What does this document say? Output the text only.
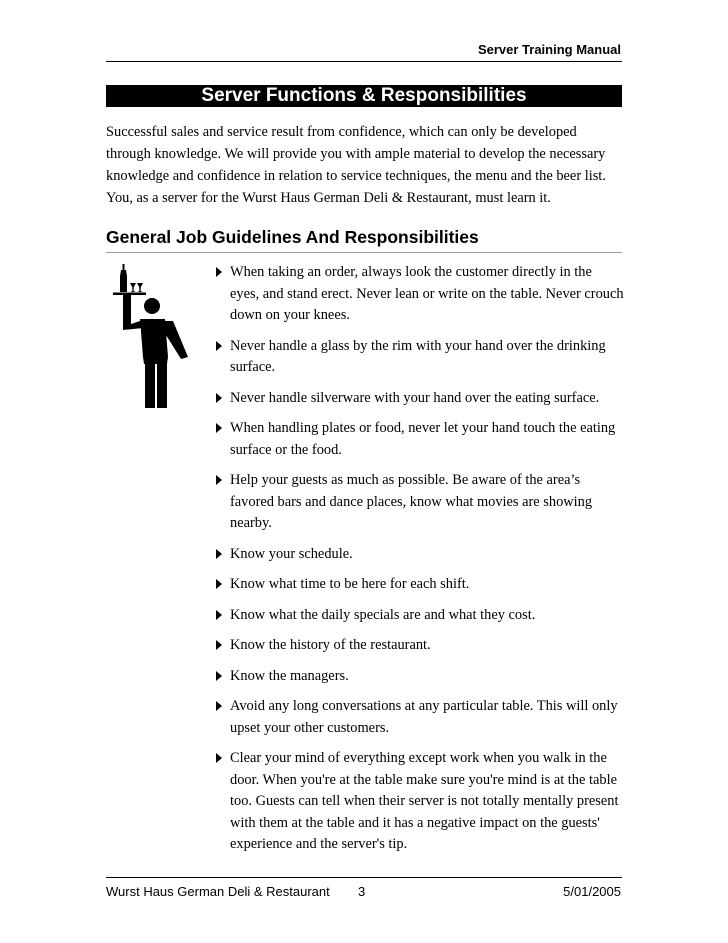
Server Training Manual
Server Functions & Responsibilities
Successful sales and service result from confidence, which can only be developed
through knowledge. We will provide you with ample material to develop the necessary
knowledge and confidence in relation to service techniques, the menu and the beer list.
You, as a server for the Wurst Haus German Deli & Restaurant, must learn it.
General Job Guidelines And Responsibilities
When taking an order, always look the customer directly in the
eyes, and stand erect. Never lean or write on the table. Never crouch
down on your knees.
Never handle a glass by the rim with your hand over the drinking
surface.
Never handle silverware with your hand over the eating surface.
When handling plates or food, never let your hand touch the eating
surface or the food.
Help your guests as much as possible. Be aware of the area’s
favored bars and dance places, know what movies are showing
nearby.
Know your schedule.
Know what time to be here for each shift.
Know what the daily specials are and what they cost.
Know the history of the restaurant.
Know the managers.
Avoid any long conversations at any particular table. This will only
upset your other customers.
Clear your mind of everything except work when you walk in the
door. When you're at the table make sure you're mind is at the table
too. Guests can tell when their server is not totally mentally present
with them at the table and it has a negative impact on the guests'
experience and the server's tip.
Wurst Haus German Deli & Restaurant 3	5/01/2005
